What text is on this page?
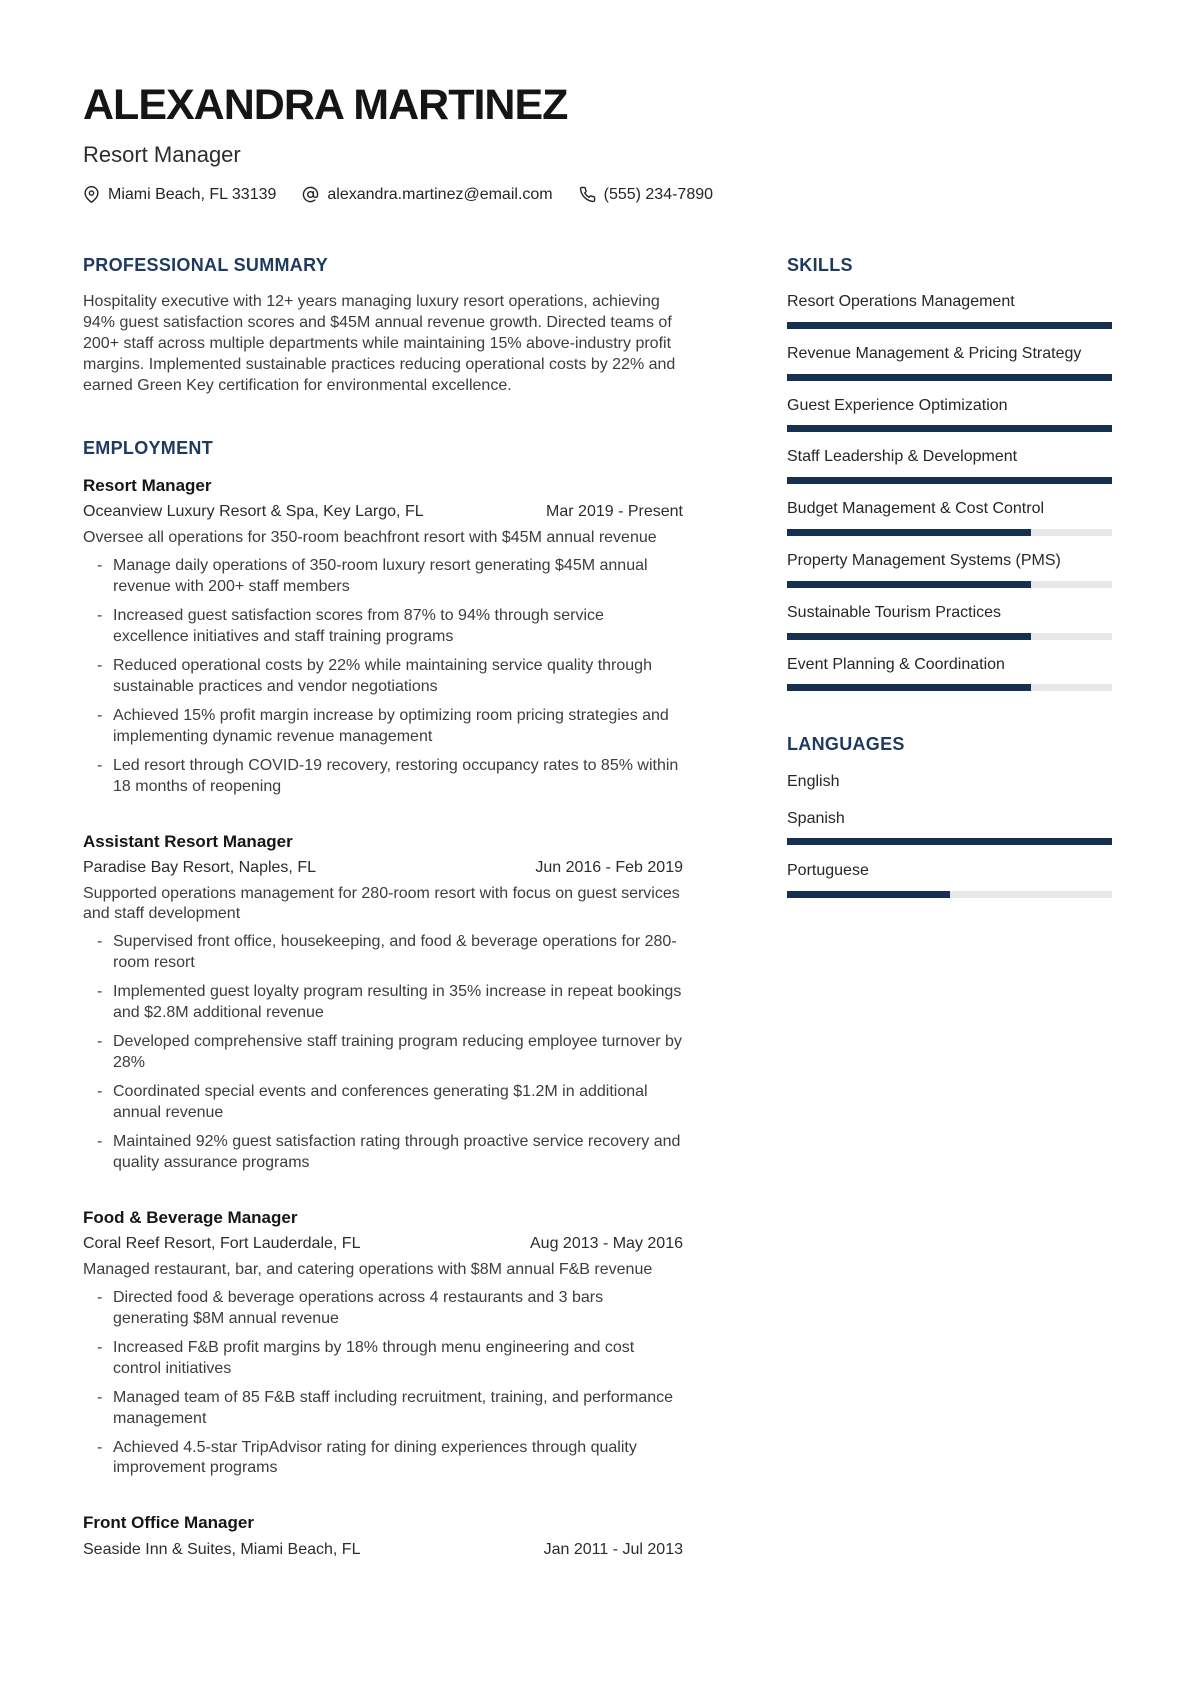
ALEXANDRA MARTINEZ
Resort Manager
Miami Beach, FL 33139	alexandra.martinez@email.com	(555) 234-7890
PROFESSIONAL SUMMARY

Hospitality executive with 12+ years managing luxury resort operations, achieving 94% guest satisfaction scores and $45M annual revenue growth. Directed teams of 200+ staff across multiple departments while maintaining 15% above-industry profit margins. Implemented sustainable practices reducing operational costs by 22% and earned Green Key certification for environmental excellence.

EMPLOYMENT
Resort Manager
Oceanview Luxury Resort & Spa, Key Largo, FL	Mar 2019 - Present

Oversee all operations for 350-room beachfront resort with $45M annual revenue

- Manage daily operations of 350-room luxury resort generating $45M annual revenue with 200+ staff members
- Increased guest satisfaction scores from 87% to 94% through service excellence initiatives and staff training programs
- Reduced operational costs by 22% while maintaining service quality through sustainable practices and vendor negotiations
- Achieved 15% profit margin increase by optimizing room pricing strategies and implementing dynamic revenue management
- Led resort through COVID-19 recovery, restoring occupancy rates to 85% within 18 months of reopening
Assistant Resort Manager
Paradise Bay Resort, Naples, FL	Jun 2016 - Feb 2019

Supported operations management for 280-room resort with focus on guest services and staff development

- Supervised front office, housekeeping, and food & beverage operations for 280-room resort
- Implemented guest loyalty program resulting in 35% increase in repeat bookings and $2.8M additional revenue
- Developed comprehensive staff training program reducing employee turnover by 28%
- Coordinated special events and conferences generating $1.2M in additional annual revenue
- Maintained 92% guest satisfaction rating through proactive service recovery and quality assurance programs
Food & Beverage Manager
Coral Reef Resort, Fort Lauderdale, FL	Aug 2013 - May 2016

Managed restaurant, bar, and catering operations with $8M annual F&B revenue

- Directed food & beverage operations across 4 restaurants and 3 bars generating $8M annual revenue
- Increased F&B profit margins by 18% through menu engineering and cost control initiatives
- Managed team of 85 F&B staff including recruitment, training, and performance management
- Achieved 4.5-star TripAdvisor rating for dining experiences through quality improvement programs
Front Office Manager
Seaside Inn & Suites, Miami Beach, FL	Jan 2011 - Jul 2013
SKILLS
Resort Operations Management
Revenue Management & Pricing Strategy
Guest Experience Optimization
Staff Leadership & Development
Budget Management & Cost Control
Property Management Systems (PMS)
Sustainable Tourism Practices
Event Planning & Coordination
LANGUAGES
English
Spanish
Portuguese
